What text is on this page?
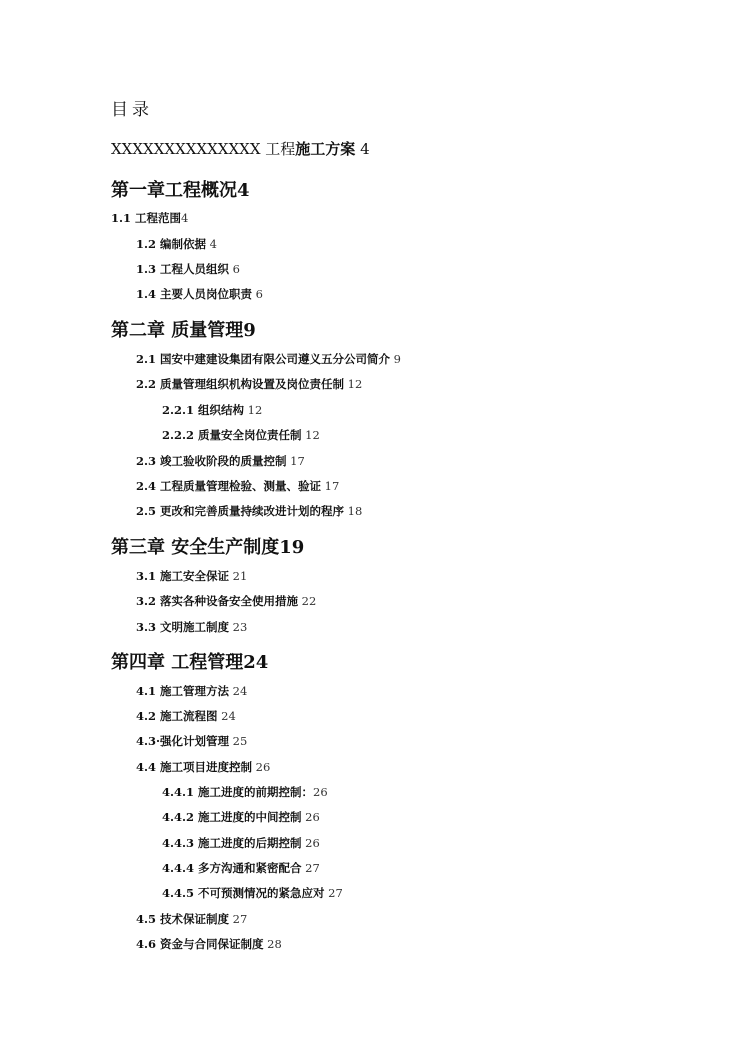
目录
XXXXXXXXXXXXXX 工程施工方案 4
第一章工程概况4
1.1 工程范围4
1.2 编制依据 4
1.3 工程人员组织 6
1.4 主要人员岗位职责 6
第二章 质量管理9
2.1 国安中建建设集团有限公司遵义五分公司简介 9
2.2 质量管理组织机构设置及岗位责任制 12
2.2.1 组织结构 12
2.2.2 质量安全岗位责任制 12
2.3 竣工验收阶段的质量控制 17
2.4 工程质量管理检验、测量、验证 17
2.5 更改和完善质量持续改进计划的程序 18
第三章 安全生产制度19
3.1 施工安全保证 21
3.2 落实各种设备安全使用措施 22
3.3 文明施工制度 23
第四章 工程管理24
4.1 施工管理方法 24
4.2 施工流程图 24
4.3·强化计划管理 25
4.4 施工项目进度控制 26
4.4.1 施工进度的前期控制：26
4.4.2 施工进度的中间控制 26
4.4.3 施工进度的后期控制 26
4.4.4 多方沟通和紧密配合 27
4.4.5 不可预测情况的紧急应对 27
4.5 技术保证制度 27
4.6 资金与合同保证制度 28
